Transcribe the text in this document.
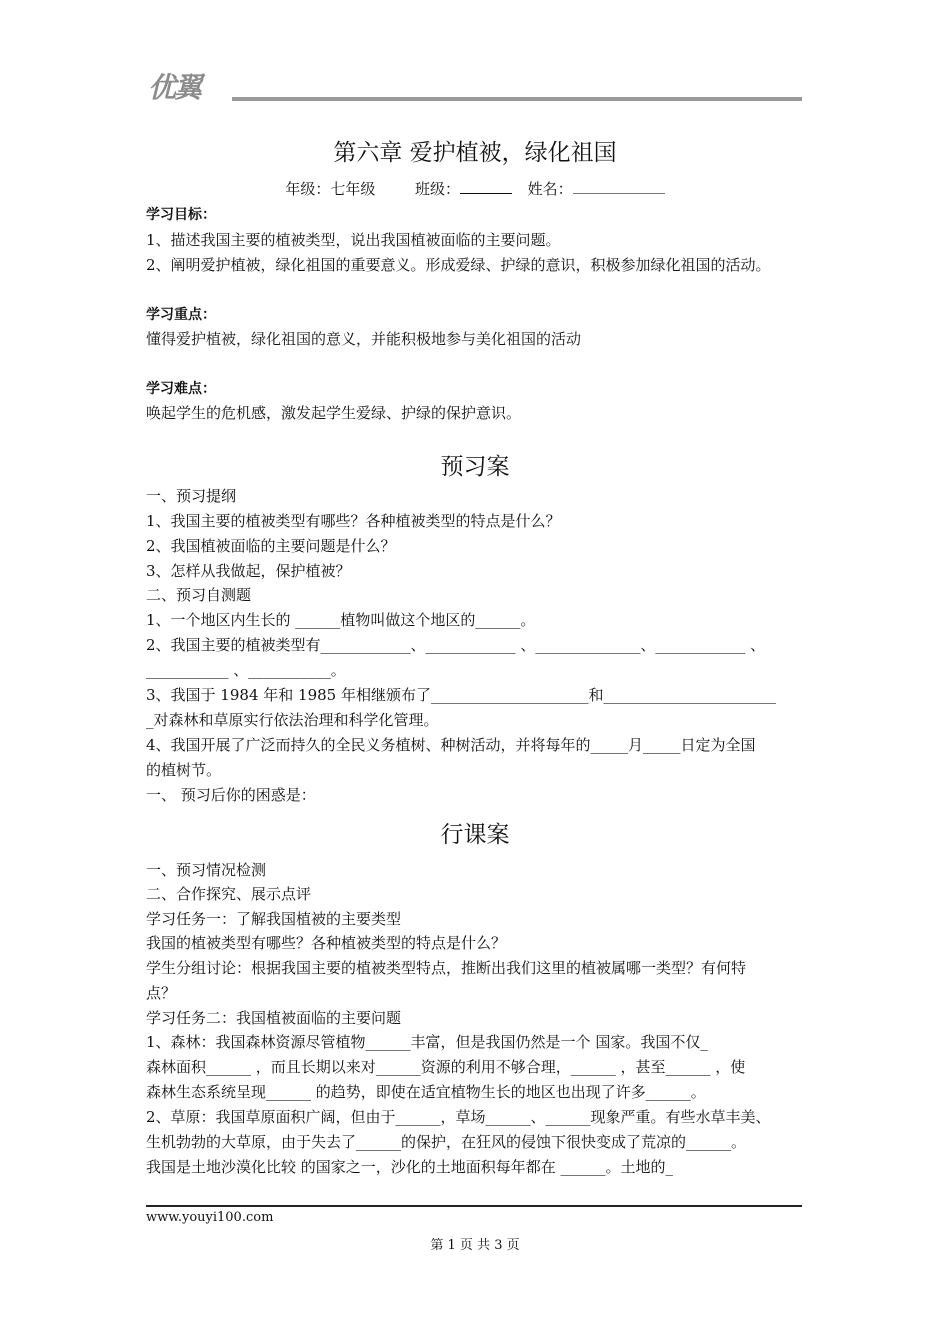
优翼
第六章 爱护植被，绿化祖国
年级：七年级	班级：	姓名：
学习目标：
1、描述我国主要的植被类型，说出我国植被面临的主要问题。
2、阐明爱护植被，绿化祖国的重要意义。形成爱绿、护绿的意识，积极参加绿化祖国的活动。
学习重点：
懂得爱护植被，绿化祖国的意义，并能积极地参与美化祖国的活动
学习难点：
唤起学生的危机感，激发起学生爱绿、护绿的保护意识。
预习案
一、预习提纲
1、我国主要的植被类型有哪些？各种植被类型的特点是什么？
2、我国植被面临的主要问题是什么？
3、怎样从我做起，保护植被？
二、预习自测题
1、一个地区内生长的 ______植物叫做这个地区的______。
2、我国主要的植被类型有____________、____________ 、______________、____________ 、
___________ 、___________。
3、我国于 1984 年和 1985 年相继颁布了_____________________和_______________________
_对森林和草原实行依法治理和科学化管理。
4、我国开展了广泛而持久的全民义务植树、种树活动，并将每年的_____月_____日定为全国
的植树节。
一、 预习后你的困惑是：
行课案
一、预习情况检测
二、合作探究、展示点评
学习任务一：了解我国植被的主要类型
我国的植被类型有哪些？各种植被类型的特点是什么？
学生分组讨论：根据我国主要的植被类型特点，推断出我们这里的植被属哪一类型？有何特
点？
学习任务二：我国植被面临的主要问题
1、森林：我国森林资源尽管植物______丰富，但是我国仍然是一个 国家。我国不仅_
森林面积______ ，而且长期以来对______资源的利用不够合理，______ ，甚至______ ，使
森林生态系统呈现______ 的趋势，即使在适宜植物生长的地区也出现了许多______。
2、草原：我国草原面积广阔，但由于______，草场______、______现象严重。有些水草丰美、
生机勃勃的大草原，由于失去了______的保护，在狂风的侵蚀下很快变成了荒凉的______。
我国是土地沙漠化比较 的国家之一，沙化的土地面积每年都在 ______。土地的_
www.youyi100.com
第 1 页 共 3 页
